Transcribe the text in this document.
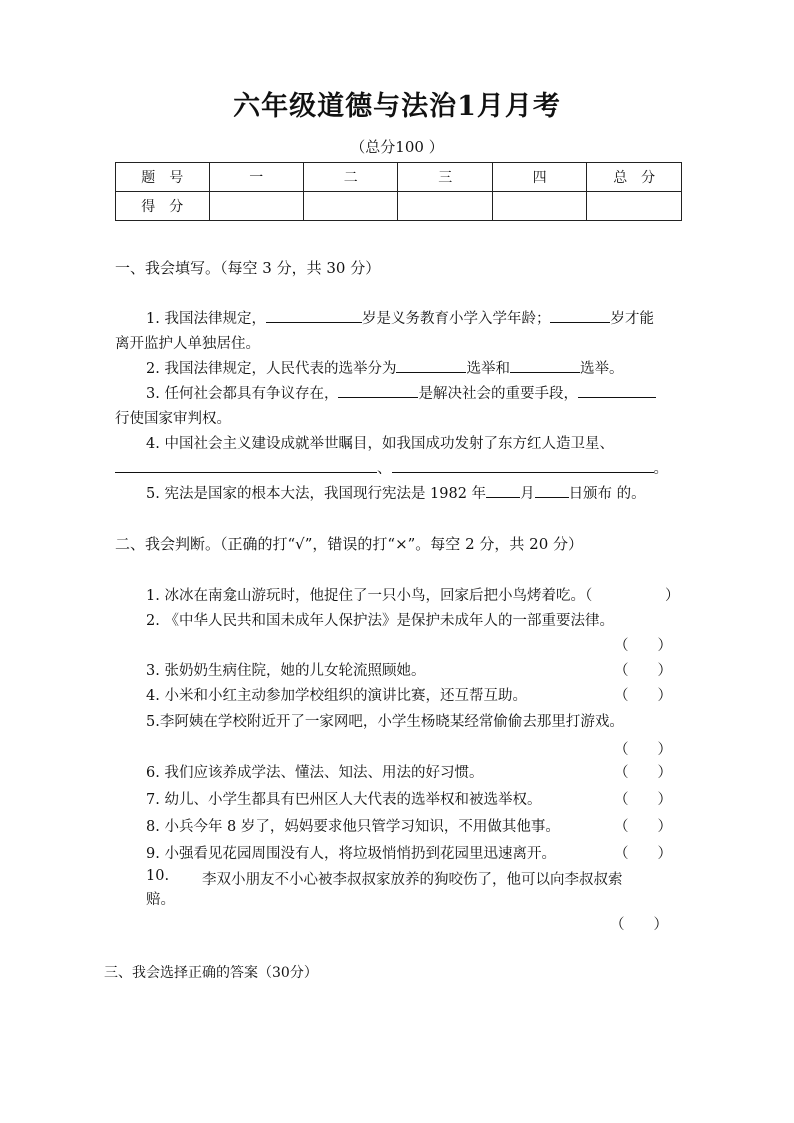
六年级道德与法治1月月考
（总分100 ）
题　号	一	二	三	四	总　分
得　分					
一、我会填写。（每空 3 分，共 30 分）
1. 我国法律规定，	岁是义务教育小学入学年龄；	岁才能
离开监护人单独居住。
2. 我国法律规定，人民代表的选举分为	选举和	选举。
3. 任何社会都具有争议存在，	是解决社会的重要手段，
行使国家审判权。
4. 中国社会主义建设成就举世瞩目，如我国成功发射了东方红人造卫星、
、	。
5. 宪法是国家的根本大法，我国现行宪法是 1982 年 月 日颁布 的。
二、我会判断。（正确的打“√”，错误的打“×”。每空 2 分，共 20 分）
1. 冰冰在南龛山游玩时，他捉住了一只小鸟，回家后把小鸟烤着吃。（	）
2. 《中华人民共和国未成年人保护法》是保护未成年人的一部重要法律。
（　　）
3. 张奶奶生病住院，她的儿女轮流照顾她。	（　　）
4. 小米和小红主动参加学校组织的演讲比赛，还互帮互助。	（　　）
5.李阿姨在学校附近开了一家网吧，小学生杨晓某经常偷偷去那里打游戏。
（　　）
6. 我们应该养成学法、懂法、知法、用法的好习惯。	（　　）
7. 幼儿、小学生都具有巴州区人大代表的选举权和被选举权。	（　　）
8. 小兵今年 8 岁了，妈妈要求他只管学习知识，不用做其他事。	（　　）
9. 小强看见花园周围没有人，将垃圾悄悄扔到花园里迅速离开。	（　　）
10. 李双小朋友不小心被李叔叔家放养的狗咬伤了，他可以向李叔叔索
赔。
（　　）
三、我会选择正确的答案（30分）
